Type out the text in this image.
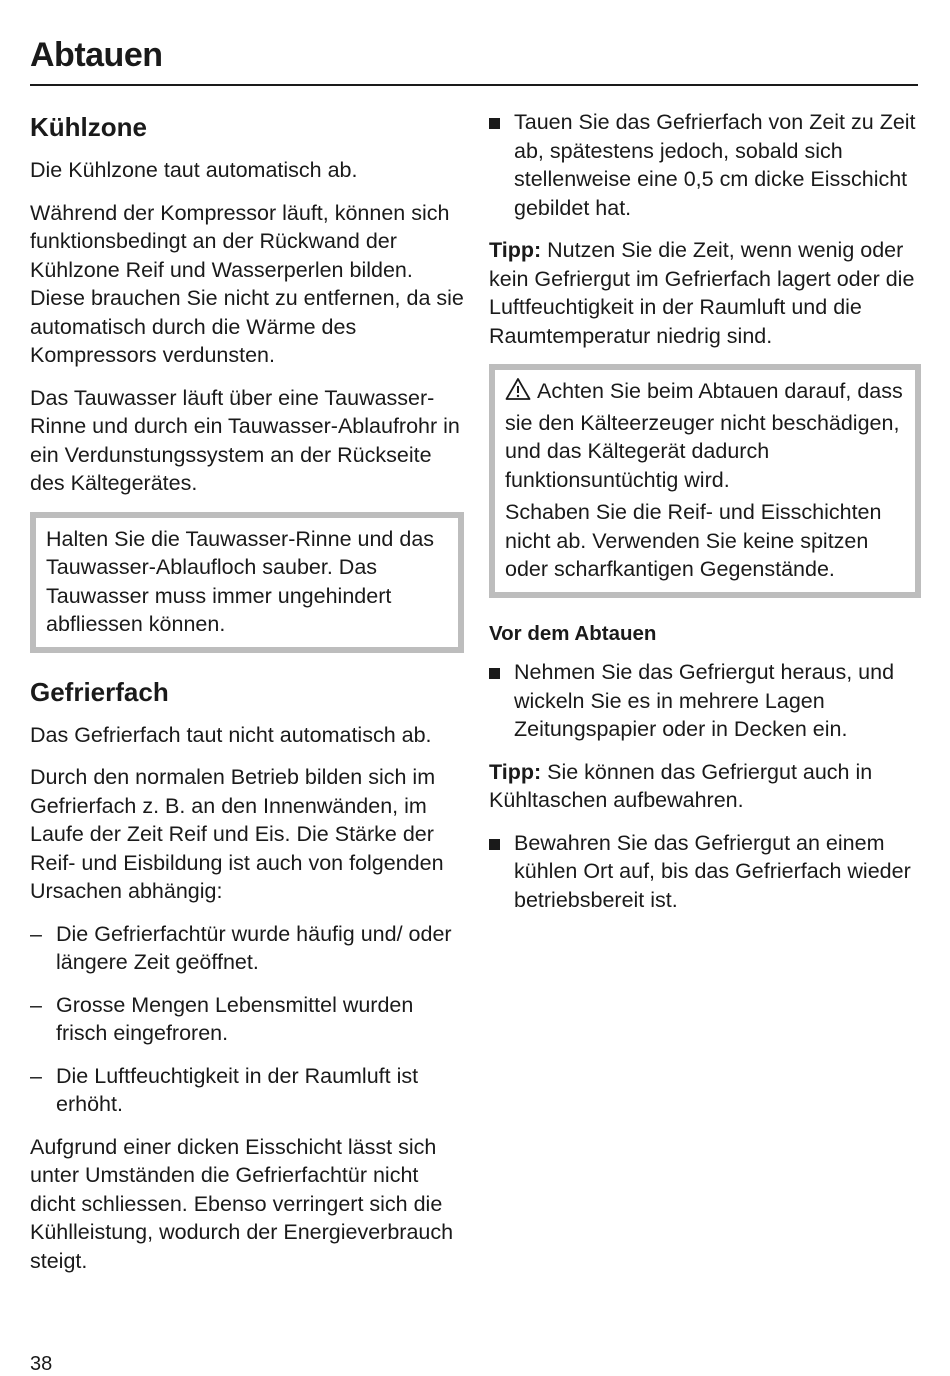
Abtauen
Kühlzone

Die Kühlzone taut automatisch ab.

Während der Kompressor läuft, können sich funktionsbedingt an der Rückwand der Kühlzone Reif und Wasserperlen bilden. Diese brauchen Sie nicht zu entfernen, da sie automatisch durch die Wärme des Kompressors verdunsten.

Das Tauwasser läuft über eine Tauwasser-Rinne und durch ein Tauwasser-Ablaufrohr in ein Verdunstungssystem an der Rückseite des Kältegerätes.

Halten Sie die Tauwasser-Rinne und das Tauwasser-Ablaufloch sauber. Das Tauwasser muss immer ungehindert abfliessen können.

Gefrierfach

Das Gefrierfach taut nicht automatisch ab.

Durch den normalen Betrieb bilden sich im Gefrierfach z. B. an den Innenwänden, im Laufe der Zeit Reif und Eis. Die Stärke der Reif- und Eisbildung ist auch von folgenden Ursachen abhängig:

– Die Gefrierfachtür wurde häufig und/ oder längere Zeit geöffnet.
– Grosse Mengen Lebensmittel wurden frisch eingefroren.
– Die Luftfeuchtigkeit in der Raumluft ist erhöht.

Aufgrund einer dicken Eisschicht lässt sich unter Umständen die Gefrierfachtür nicht dicht schliessen. Ebenso verringert sich die Kühlleistung, wodurch der Energieverbrauch steigt.

Tauen Sie das Gefrierfach von Zeit zu Zeit ab, spätestens jedoch, sobald sich stellenweise eine 0,5 cm dicke Eisschicht gebildet hat.

Tipp: Nutzen Sie die Zeit, wenn wenig oder kein Gefriergut im Gefrierfach lagert oder die Luftfeuchtigkeit in der Raumluft und die Raumtemperatur niedrig sind.

Achten Sie beim Abtauen darauf, dass sie den Kälteerzeuger nicht beschädigen, und das Kältegerät dadurch funktionsuntüchtig wird.

Schaben Sie die Reif- und Eisschichten nicht ab. Verwenden Sie keine spitzen oder scharfkantigen Gegenstände.

Vor dem Abtauen
Nehmen Sie das Gefriergut heraus, und wickeln Sie es in mehrere Lagen Zeitungspapier oder in Decken ein.

Tipp: Sie können das Gefriergut auch in Kühltaschen aufbewahren.

Bewahren Sie das Gefriergut an einem kühlen Ort auf, bis das Gefrierfach wieder betriebsbereit ist.
38
